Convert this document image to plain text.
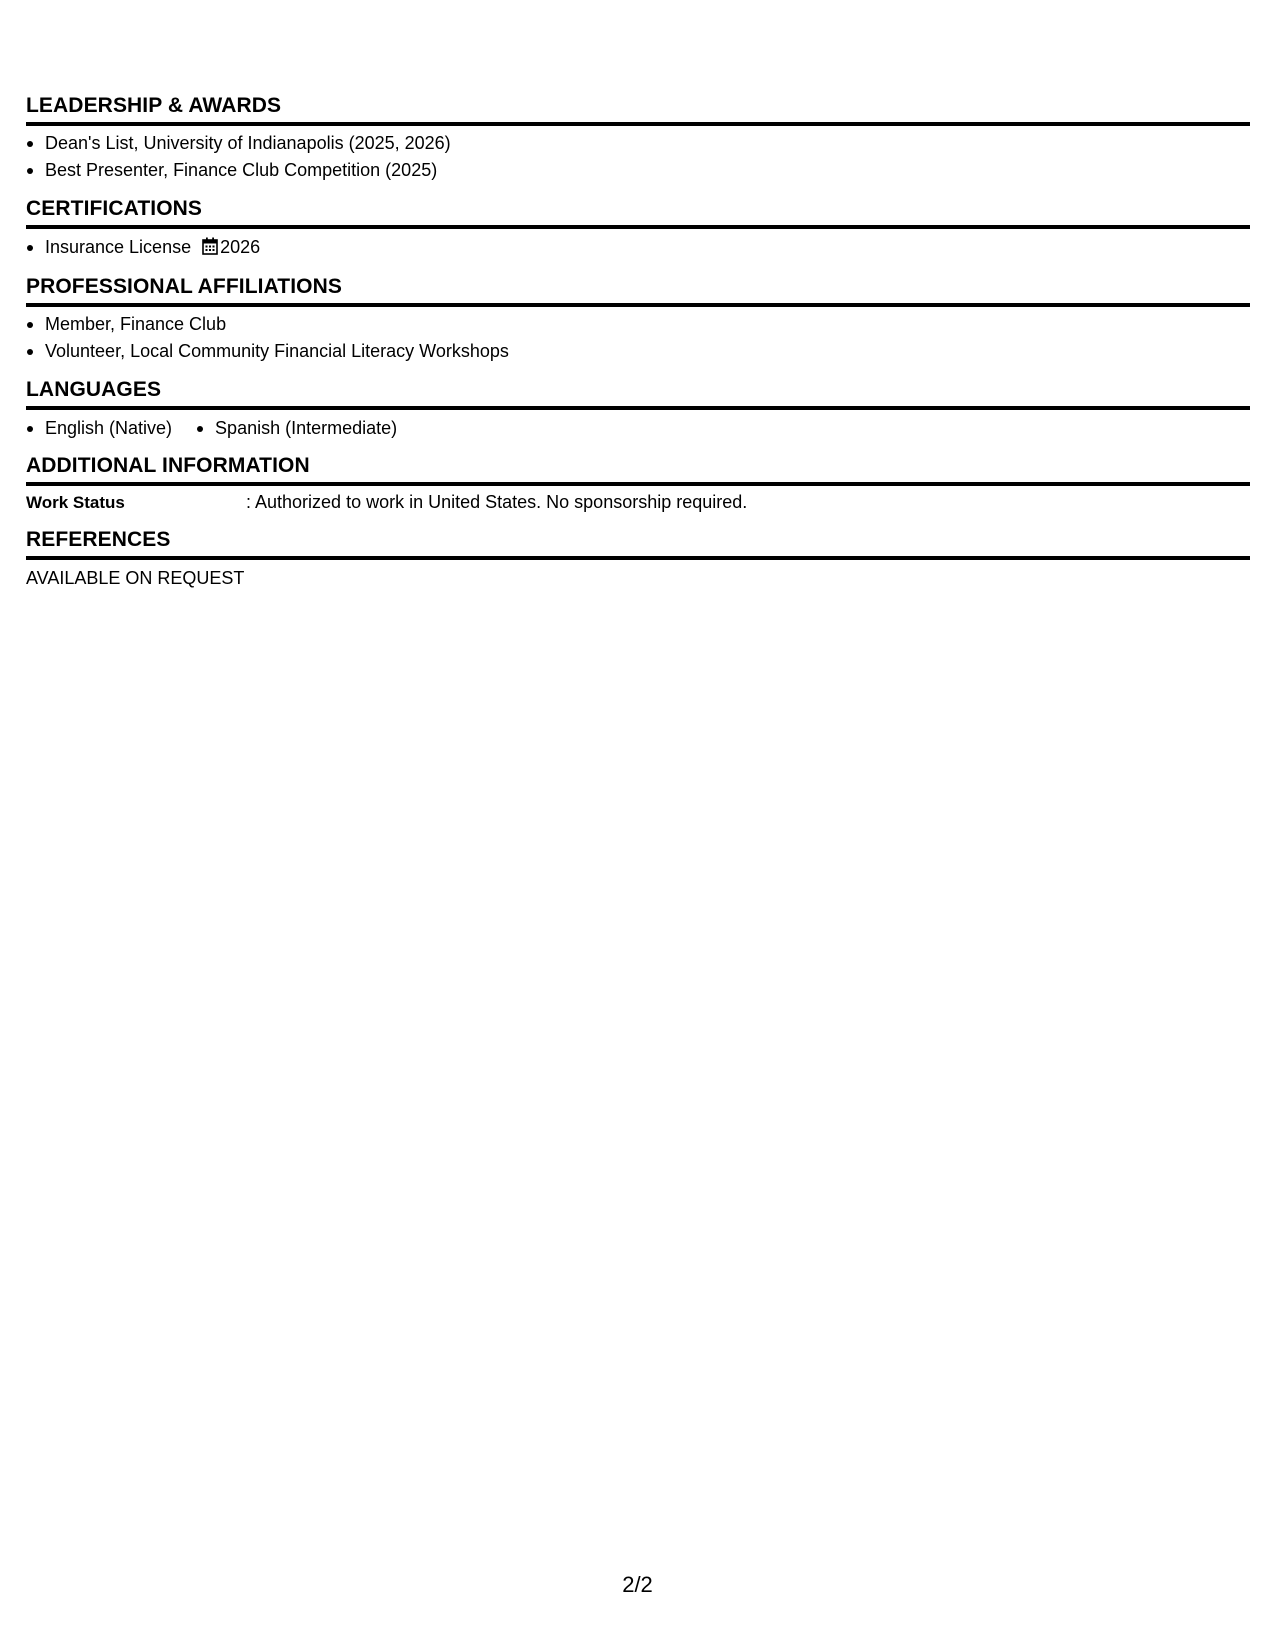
LEADERSHIP & AWARDS
Dean's List, University of Indianapolis (2025, 2026)
Best Presenter, Finance Club Competition (2025)
CERTIFICATIONS
Insurance License 2026
PROFESSIONAL AFFILIATIONS
Member, Finance Club
Volunteer, Local Community Financial Literacy Workshops
LANGUAGES
English (Native)	Spanish (Intermediate)
ADDITIONAL INFORMATION
Work Status	: Authorized to work in United States. No sponsorship required.
REFERENCES
AVAILABLE ON REQUEST
2/2
